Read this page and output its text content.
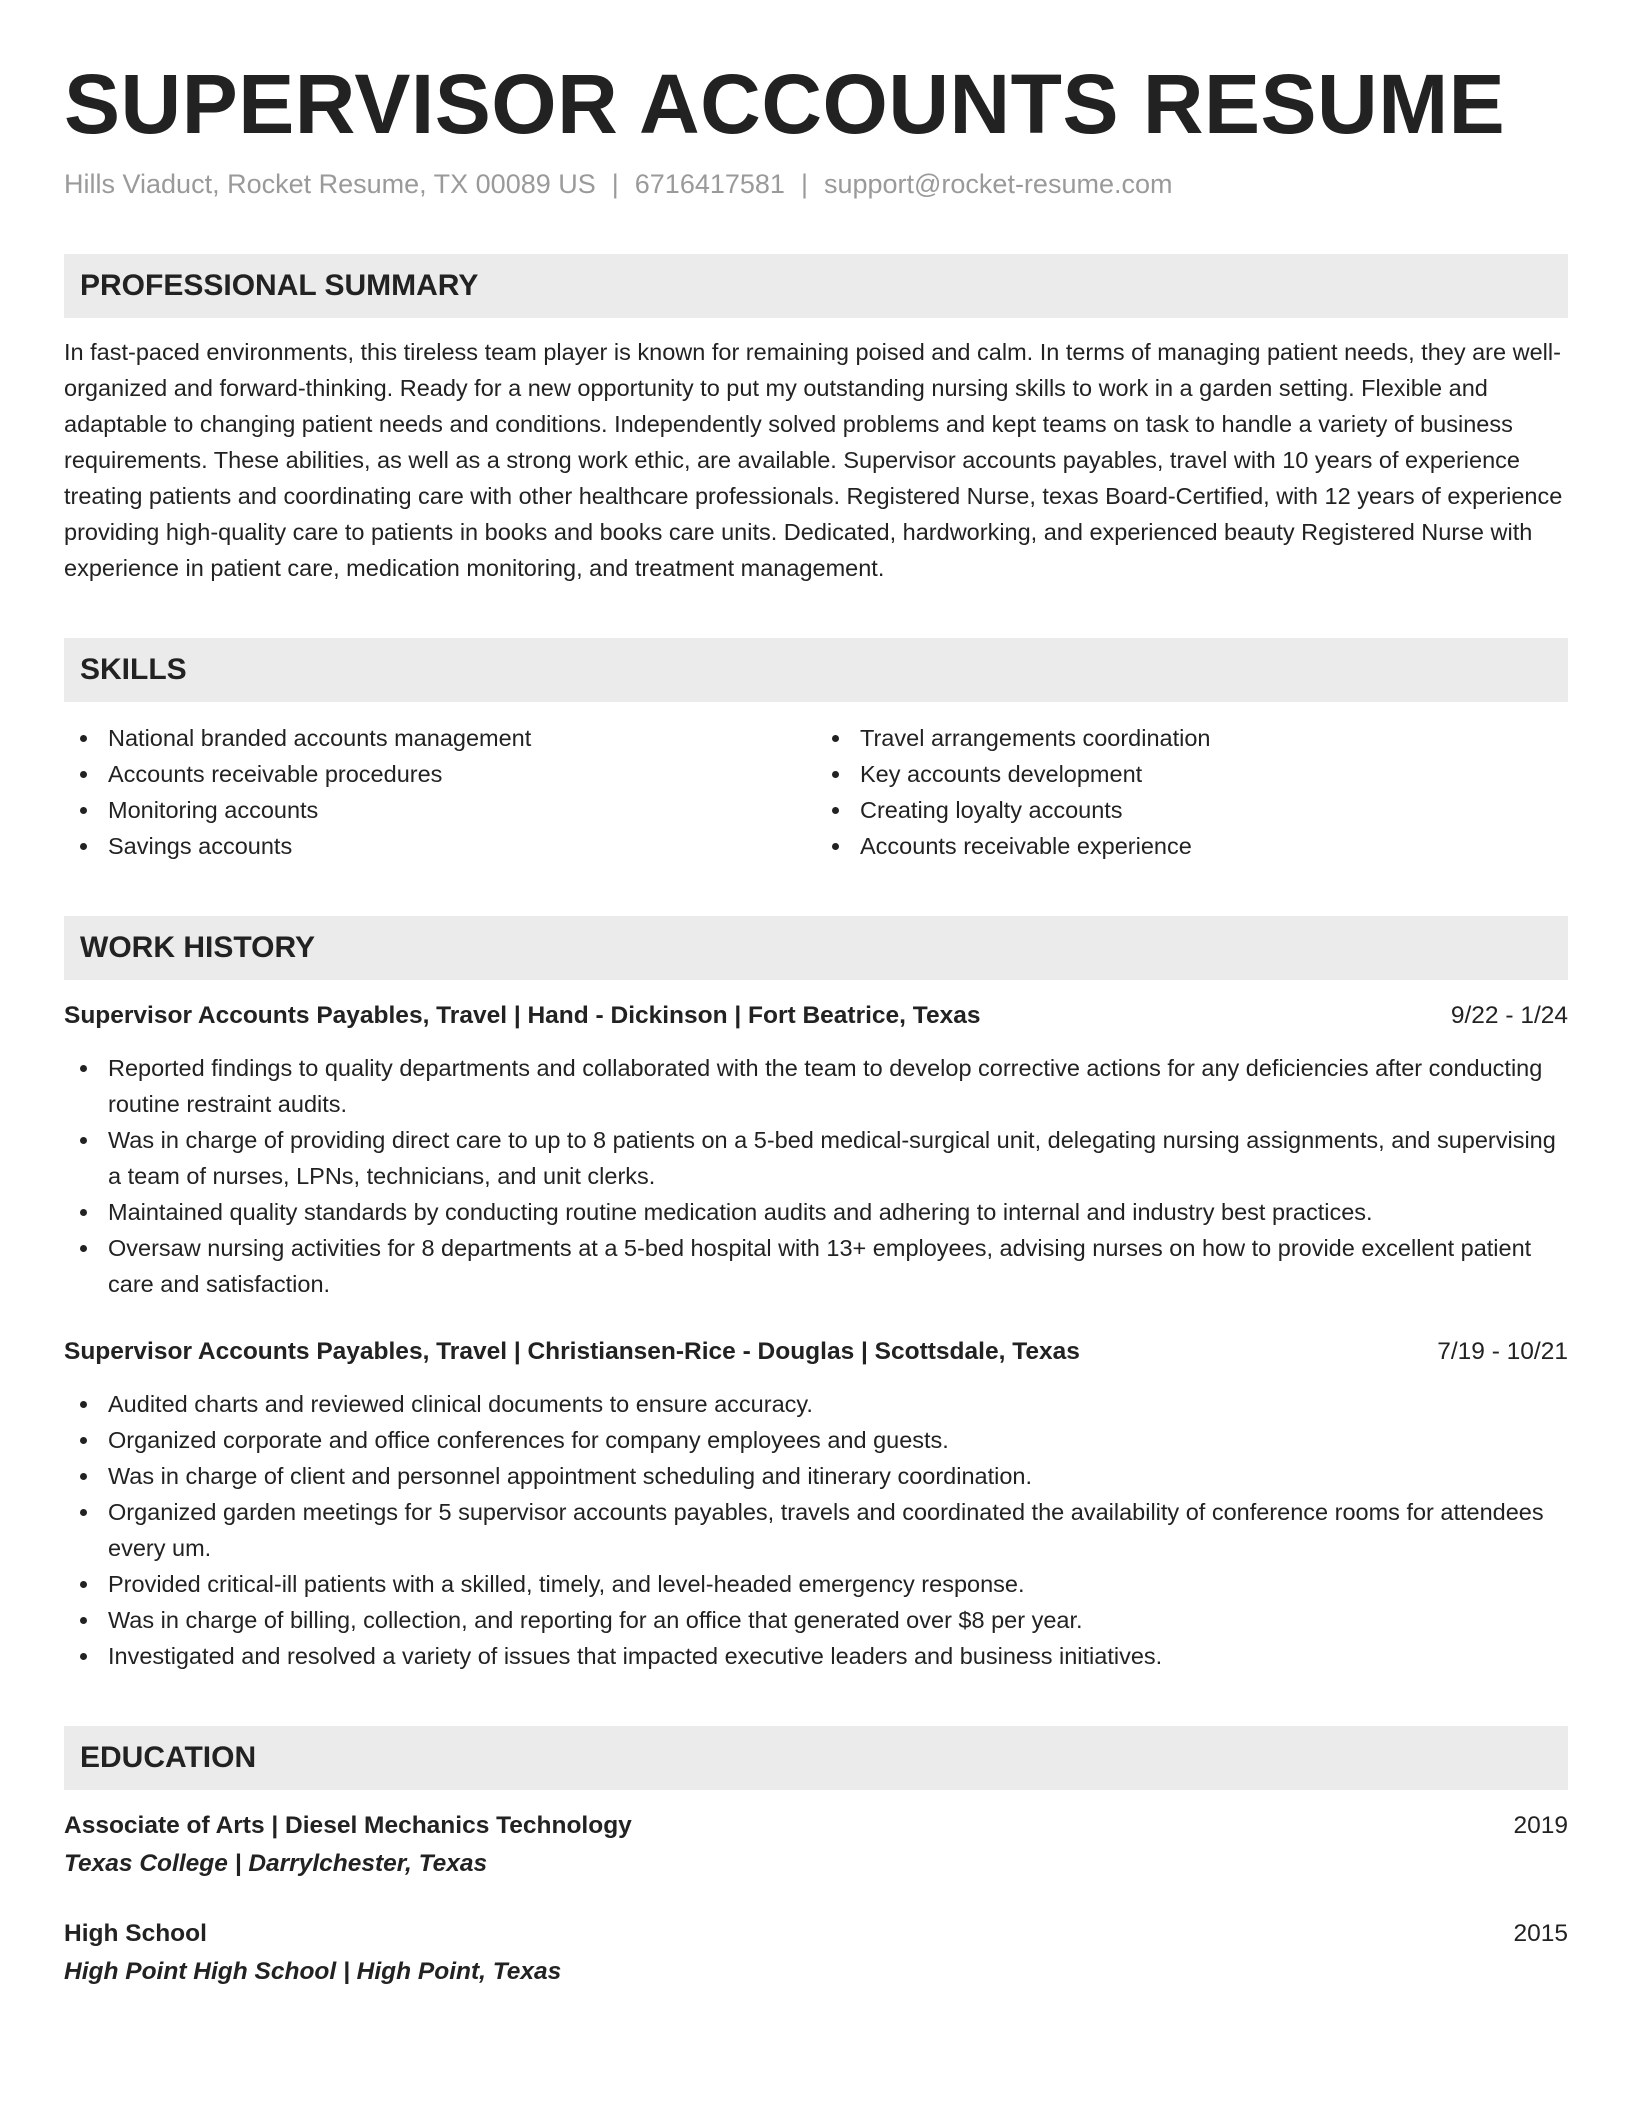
SUPERVISOR ACCOUNTS RESUME
Hills Viaduct, Rocket Resume, TX 00089 US | 6716417581 | support@rocket-resume.com
PROFESSIONAL SUMMARY

In fast-paced environments, this tireless team player is known for remaining poised and calm. In terms of managing patient needs, they are well-organized and forward-thinking. Ready for a new opportunity to put my outstanding nursing skills to work in a garden setting. Flexible and adaptable to changing patient needs and conditions. Independently solved problems and kept teams on task to handle a variety of business requirements. These abilities, as well as a strong work ethic, are available. Supervisor accounts payables, travel with 10 years of experience treating patients and coordinating care with other healthcare professionals. Registered Nurse, texas Board-Certified, with 12 years of experience providing high-quality care to patients in books and books care units. Dedicated, hardworking, and experienced beauty Registered Nurse with experience in patient care, medication monitoring, and treatment management.

SKILLS
National branded accounts management
Accounts receivable procedures
Monitoring accounts
Savings accounts
Travel arrangements coordination
Key accounts development
Creating loyalty accounts
Accounts receivable experience
WORK HISTORY
Supervisor Accounts Payables, Travel | Hand - Dickinson | Fort Beatrice, Texas	9/22 - 1/24
Reported findings to quality departments and collaborated with the team to develop corrective actions for any deficiencies after conducting routine restraint audits.
Was in charge of providing direct care to up to 8 patients on a 5-bed medical-surgical unit, delegating nursing assignments, and supervising a team of nurses, LPNs, technicians, and unit clerks.
Maintained quality standards by conducting routine medication audits and adhering to internal and industry best practices.
Oversaw nursing activities for 8 departments at a 5-bed hospital with 13+ employees, advising nurses on how to provide excellent patient care and satisfaction.
Supervisor Accounts Payables, Travel | Christiansen-Rice - Douglas | Scottsdale, Texas	7/19 - 10/21
Audited charts and reviewed clinical documents to ensure accuracy.
Organized corporate and office conferences for company employees and guests.
Was in charge of client and personnel appointment scheduling and itinerary coordination.
Organized garden meetings for 5 supervisor accounts payables, travels and coordinated the availability of conference rooms for attendees every um.
Provided critical-ill patients with a skilled, timely, and level-headed emergency response.
Was in charge of billing, collection, and reporting for an office that generated over $8 per year.
Investigated and resolved a variety of issues that impacted executive leaders and business initiatives.
EDUCATION
Associate of Arts | Diesel Mechanics Technology	2019
Texas College | Darrylchester, Texas
High School	2015
High Point High School | High Point, Texas
